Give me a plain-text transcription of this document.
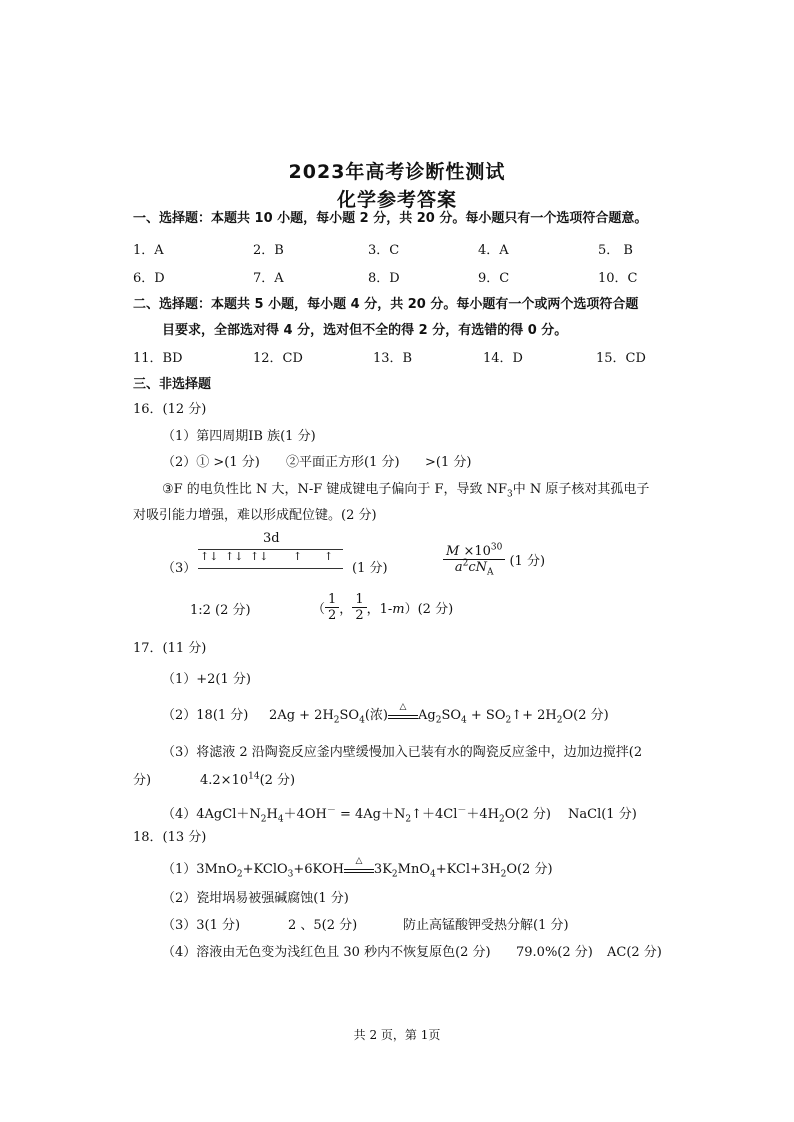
2023年高考诊断性测试
化学参考答案
一、选择题：本题共 10 小题，每小题 2 分，共 20 分。每小题只有一个选项符合题意。
1．A	2．B	3．C	4．A	5． B
6．D	7．A	8．D	9．C	10．C
二、选择题：本题共 5 小题，每小题 4 分，共 20 分。每小题有一个或两个选项符合题
目要求，全部选对得 4 分，选对但不全的得 2 分，有选错的得 0 分。
11．BD	12．CD	13．B	14．D	15．CD
三、非选择题
16．(12 分)
（1）第四周期ⅠB 族(1 分)
（2）① >(1 分) ②平面正方形(1 分) >(1 分)
③F 的电负性比 N 大，N-F 键成键电子偏向于 F，导致 $NF_3$中 N 原子核对其孤电子
对吸引能力增强，难以形成配位键。(2 分)
3d
（3）
↑↓ ↑↓ ↑↓ ↑ ↑
(1 分)	$\frac{M \times 10^{30}}{a^2cN_A} (1$ 分)
1:2 (2 分)	（ $\frac{1}{2}$ ， $\frac{1}{2}$ ，1-m）(2 分)
17．(11 分)
（1）+2(1 分)
（2）18(1 分) $2Ag + 2H_2SO_4$(浓)
△
$Ag_2SO_4$ + $SO_2↑+ 2H_2O(2$ 分)
（3）将滤液 2 沿陶瓷反应釜内壁缓慢加入已装有水的陶瓷反应釜中，边加边搅拌(2
分)	$4.2\times 10^{14}(2$ 分)
$(4)4AgCl+N_2H_4+4OH^-$ = $4Ag+N_2↑+4Cl^-+4H_2O(2$ 分) NaCl(1 分)
18．(13 分)
（1）3MnO$_2$+KClO$_3$+6KOH
△
$3K_2MnO_4+KCl+3H_2O(2$ 分)
（2）瓷坩埚易被强碱腐蚀(1 分)
（3）3(1 分)	2 、5(2 分)	防止高锰酸钾受热分解(1 分)
（4）溶液由无色变为浅红色且 30 秒内不恢复原色(2 分) 79.0%(2 分) AC(2 分)
共 2 页，第 1页
